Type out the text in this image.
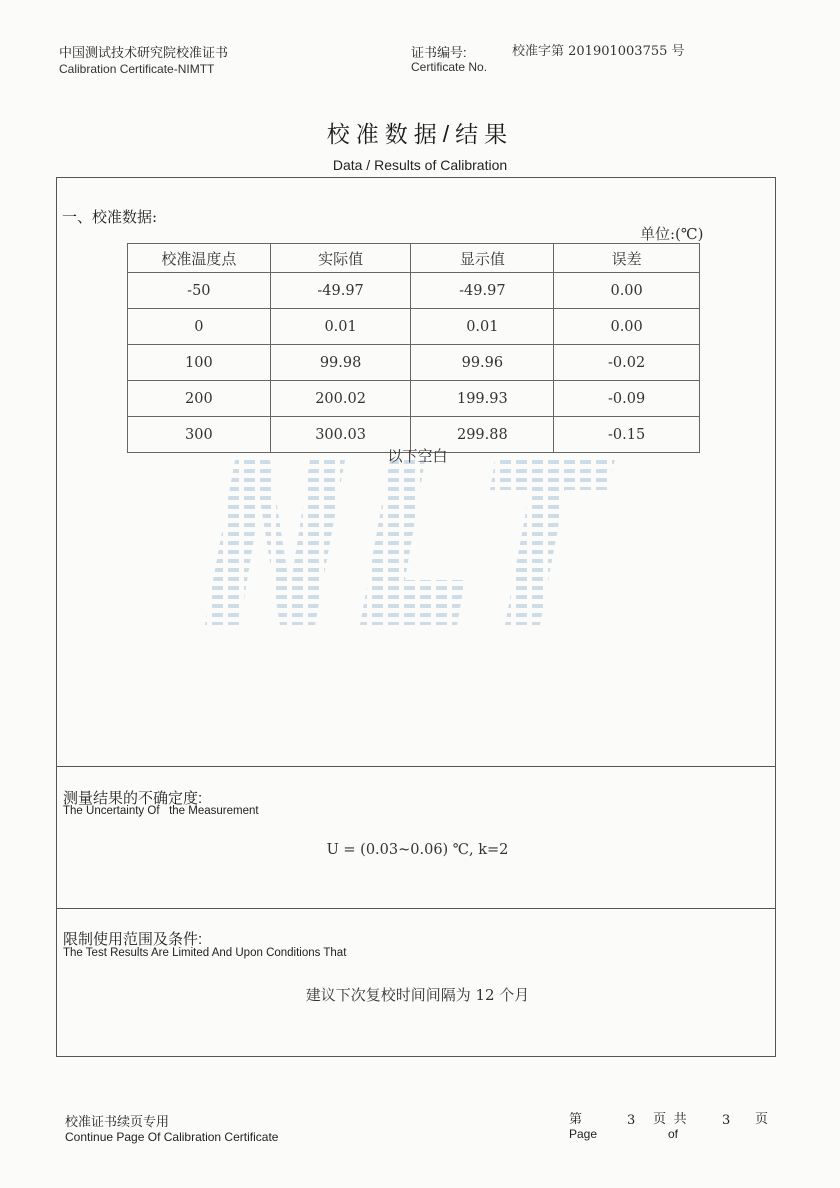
中国测试技术研究院校准证书
Calibration Certificate-NIMTT
证书编号:
Certificate No.
校准字第 201901003755 号
校准数据/结果
Data / Results of Calibration
一、校准数据:
单位:(℃)
校准温度点	实际值	显示值	误差
-50	-49.97	-49.97	0.00
0	0.01	0.01	0.00
100	99.98	99.96	-0.02
200	200.02	199.93	-0.09
300	300.03	299.88	-0.15
以下空白
测量结果的不确定度:
The Uncertainty Of   the Measurement
U = (0.03~0.06) ℃, k=2
限制使用范围及条件:
The Test Results Are Limited And Upon Conditions That
建议下次复校时间间隔为 12 个月
校准证书续页专用
Continue Page Of Calibration Certificate
第
Page
3 页 共
of
3 页
